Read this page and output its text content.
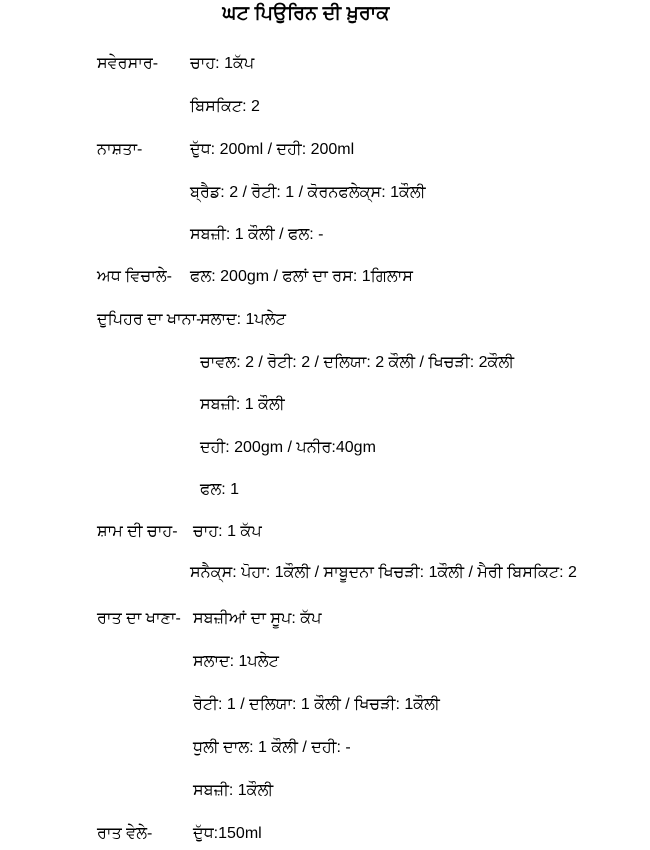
ਘਟ ਪਿਉਰਿਨ ਦੀ ਖ਼ੁਰਾਕ
ਸਵੇਰਸਾਰ- ਚਾਹ: 1ਕੱਪ
ਬਿਸਕਿਟ: 2
ਨਾਸ਼ਤਾ-	ਦੁੱਧ: 200ml / ਦਹੀ: 200ml
ਬ੍ਰੈਡ: 2 / ਰੋਟੀ: 1 / ਕੋਰਨਫਲੇਕ੍ਸ: 1ਕੌਲੀ
ਸਬਜ਼ੀ: 1 ਕੌਲੀ / ਫਲ: -
ਅਧ ਵਿਚਾਲੇ- ਫਲ: 200gm / ਫਲਾਂ ਦਾ ਰਸ: 1ਗਿਲਾਸ
ਦੁਪਿਹਰ ਦਾ ਖਾਨਾ-
ਸਲਾਦ: 1ਪਲੇਟ
ਚਾਵਲ: 2 / ਰੋਟੀ: 2 / ਦਲਿਯਾ: 2 ਕੌਲੀ / ਖਿਚੜੀ: 2ਕੌਲੀ
ਸਬਜ਼ੀ: 1 ਕੌਲੀ
ਦਹੀ: 200gm / ਪਨੀਰ:40gm
ਫਲ: 1
ਸ਼ਾਮ ਦੀ ਚਾਹ- ਚਾਹ: 1 ਕੱਪ
ਸਨੈਕ੍ਸ: ਪੋਹਾ: 1ਕੌਲੀ / ਸਾਬੂਦਨਾ ਖਿਚੜੀ: 1ਕੌਲੀ / ਮੈਰੀ ਬਿਸਕਿਟ: 2
ਰਾਤ ਦਾ ਖਾਣਾ- ਸਬਜ਼ੀਆਂ ਦਾ ਸੂਪ: ਕੱਪ
ਸਲਾਦ: 1ਪਲੇਟ
ਰੋਟੀ: 1 / ਦਲਿਯਾ: 1 ਕੌਲੀ / ਖਿਚੜੀ: 1ਕੌਲੀ
ਧੁਲੀ ਦਾਲ: 1 ਕੌਲੀ / ਦਹੀ: -
ਸਬਜ਼ੀ: 1ਕੌਲੀ
ਰਾਤ ਵੇਲੇ-	ਦੁੱਧ:150ml
